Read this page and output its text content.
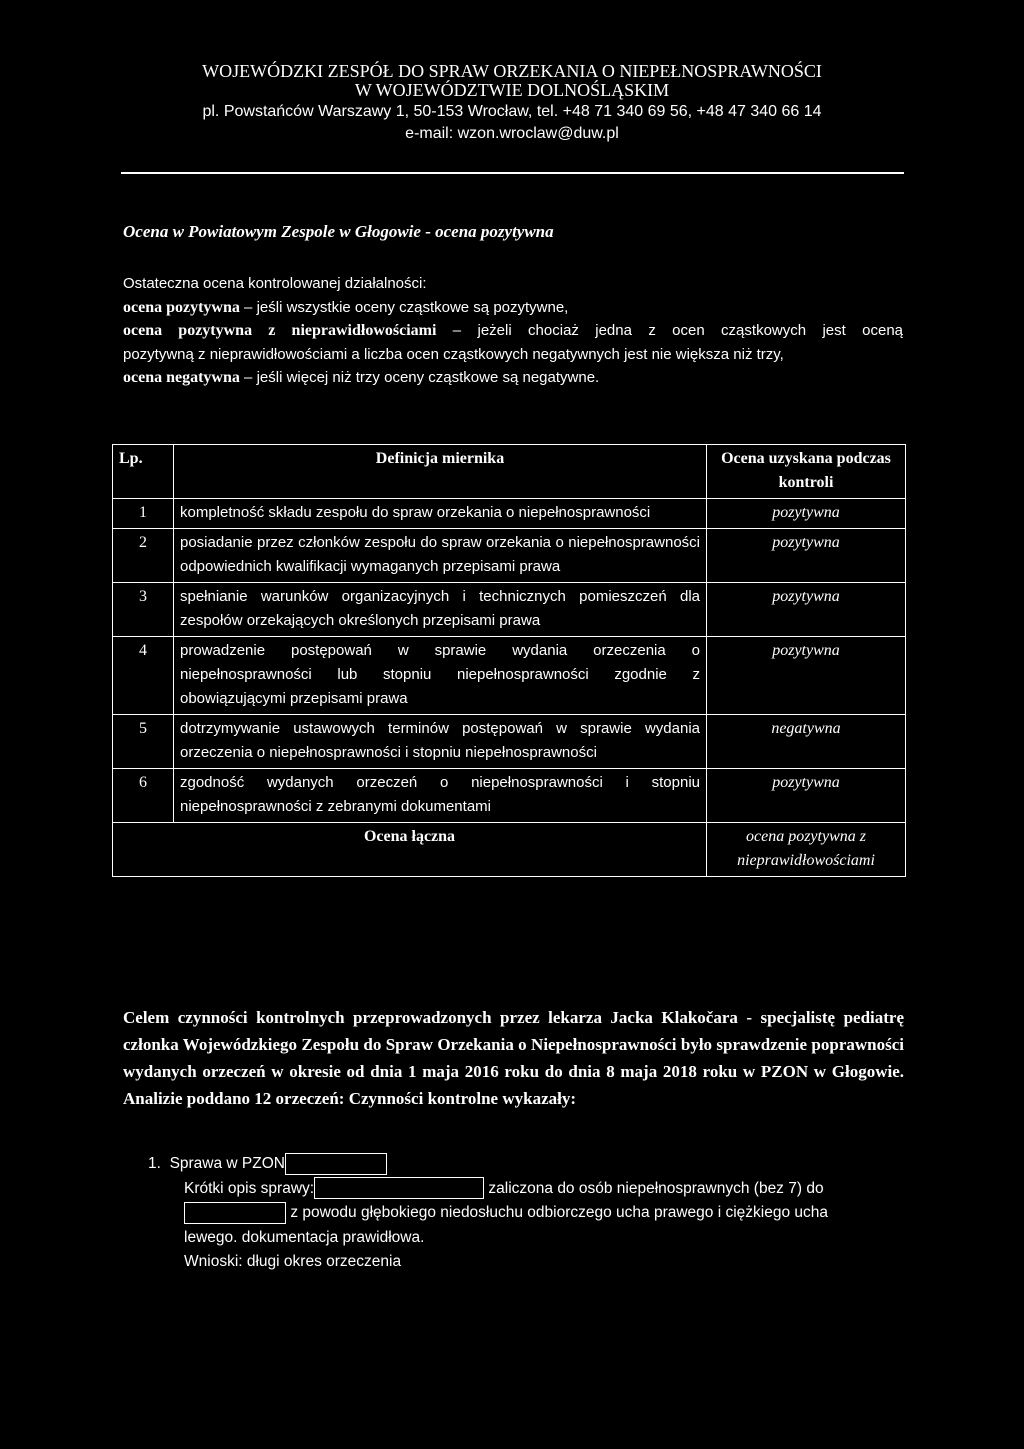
WOJEWÓDZKI ZESPÓŁ DO SPRAW ORZEKANIA O NIEPEŁNOSPRAWNOŚCI
W WOJEWÓDZTWIE DOLNOŚLĄSKIM
pl. Powstańców Warszawy 1, 50-153 Wrocław, tel. +48 71 340 69 56, +48 47 340 66 14
e-mail: wzon.wroclaw@duw.pl
Ocena w Powiatowym Zespole w Głogowie - ocena pozytywna
Ostateczna ocena kontrolowanej działalności:
ocena pozytywna – jeśli wszystkie oceny cząstkowe są pozytywne,
ocena pozytywna z nieprawidłowościami – jeżeli chociaż jedna z ocen cząstkowych jest oceną
pozytywną z nieprawidłowościami a liczba ocen cząstkowych negatywnych jest nie większa niż trzy,
ocena negatywna – jeśli więcej niż trzy oceny cząstkowe są negatywne.
Lp.	Definicja miernika	Ocena uzyskana podczas kontroli
1	kompletność składu zespołu do spraw orzekania o niepełnosprawności	pozytywna
2	posiadanie przez członków zespołu do spraw orzekania o niepełnosprawności odpowiednich kwalifikacji wymaganych przepisami prawa	pozytywna
3	spełnianie warunków organizacyjnych i technicznych pomieszczeń dla zespołów orzekających określonych przepisami prawa	pozytywna
4	prowadzenie postępowań w sprawie wydania orzeczenia o niepełnosprawności lub stopniu niepełnosprawności zgodnie z obowiązującymi przepisami prawa	pozytywna
5	dotrzymywanie ustawowych terminów postępowań w sprawie wydania orzeczenia o niepełnosprawności i stopniu niepełnosprawności	negatywna
6	zgodność wydanych orzeczeń o niepełnosprawności i stopniu niepełnosprawności z zebranymi dokumentami	pozytywna
Ocena łączna		ocena pozytywna z nieprawidłowościami
Celem czynności kontrolnych przeprowadzonych przez lekarza Jacka Klakočara - specjalistę pediatrę członka Wojewódzkiego Zespołu do Spraw Orzekania o Niepełnosprawności było sprawdzenie poprawności wydanych orzeczeń w okresie od dnia 1 maja 2016 roku do dnia 8 maja 2018 roku w PZON w Głogowie. Analizie poddano 12 orzeczeń: Czynności kontrolne wykazały:
1. Sprawa w PZON
Krótki opis sprawy:	zaliczona do osób niepełnosprawnych (bez 7) do
z powodu głębokiego niedosłuchu odbiorczego ucha prawego i ciężkiego ucha
lewego. dokumentacja prawidłowa.
Wnioski: długi okres orzeczenia
